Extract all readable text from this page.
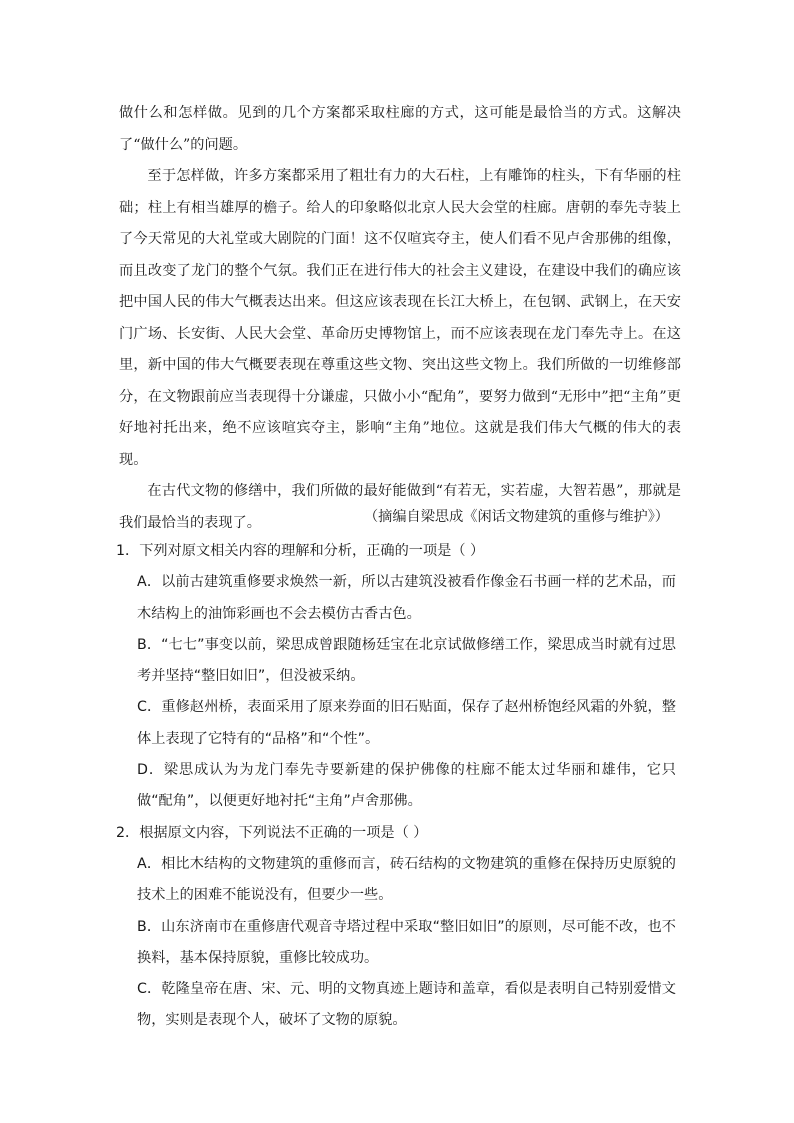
做什么和怎样做。见到的几个方案都采取柱廊的方式，这可能是最恰当的方式。这解决了“做什么”的问题。

至于怎样做，许多方案都采用了粗壮有力的大石柱，上有雕饰的柱头，下有华丽的柱础；柱上有相当雄厚的檐子。给人的印象略似北京人民大会堂的柱廊。唐朝的奉先寺装上了今天常见的大礼堂或大剧院的门面！这不仅喧宾夺主，使人们看不见卢舍那佛的组像，而且改变了龙门的整个气氛。我们正在进行伟大的社会主义建设，在建设中我们的确应该把中国人民的伟大气概表达出来。但这应该表现在长江大桥上，在包钢、武钢上，在天安门广场、长安街、人民大会堂、革命历史博物馆上，而不应该表现在龙门奉先寺上。在这里，新中国的伟大气概要表现在尊重这些文物、突出这些文物上。我们所做的一切维修部分，在文物跟前应当表现得十分谦虚，只做小小“配角”，要努力做到“无形中”把“主角”更好地衬托出来，绝不应该喧宾夺主，影响“主角”地位。这就是我们伟大气概的伟大的表现。

在古代文物的修缮中，我们所做的最好能做到“有若无，实若虚，大智若愚”，那就是我们最恰当的表现了。	（摘编自梁思成《闲话文物建筑的重修与维护》）

1．下列对原文相关内容的理解和分析，正确的一项是（ ）

A．以前古建筑重修要求焕然一新，所以古建筑没被看作像金石书画一样的艺术品，而木结构上的油饰彩画也不会去模仿古香古色。

B．“七七”事变以前，梁思成曾跟随杨廷宝在北京试做修缮工作，梁思成当时就有过思考并坚持“整旧如旧”，但没被采纳。

C．重修赵州桥，表面采用了原来券面的旧石贴面，保存了赵州桥饱经风霜的外貌，整体上表现了它特有的“品格”和“个性”。

D．梁思成认为为龙门奉先寺要新建的保护佛像的柱廊不能太过华丽和雄伟，它只做“配角”，以便更好地衬托“主角”卢舍那佛。

2．根据原文内容，下列说法不正确的一项是（ ）

A．相比木结构的文物建筑的重修而言，砖石结构的文物建筑的重修在保持历史原貌的技术上的困难不能说没有，但要少一些。

B．山东济南市在重修唐代观音寺塔过程中采取“整旧如旧”的原则，尽可能不改，也不换料，基本保持原貌，重修比较成功。

C．乾隆皇帝在唐、宋、元、明的文物真迹上题诗和盖章，看似是表明自己特别爱惜文物，实则是表现个人，破坏了文物的原貌。
